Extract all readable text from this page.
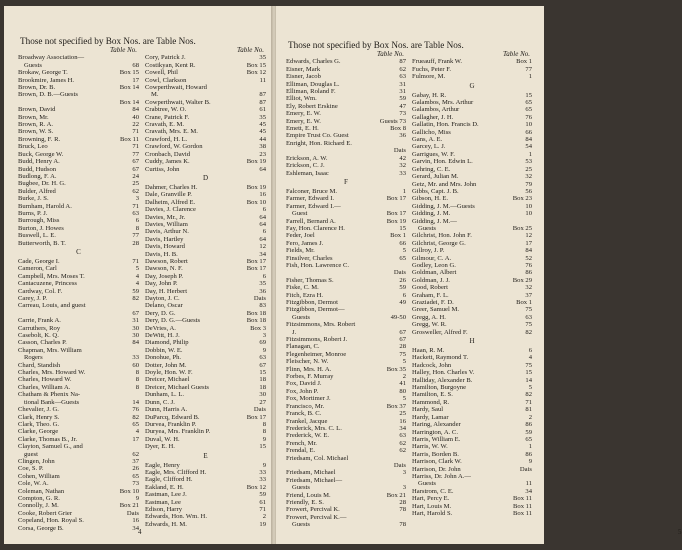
Those not specified by Box Nos. are Table Nos.
Table No.
Broadway Association—
Guests	68
Brokaw, George T.	Box 15
Brookmire, James H.	17
Brown, Dr. B.	Box 14
Brown, D. B.—Guests
Box 14
Brown, David	84
Brown, Mr.	40
Brown, R. A.	22
Brown, W. S.	71
Browning, F. R.	Box 11
Bruck, Leo	71
Buck, George W.	77
Budd, Henry A.	67
Budd, Hudson	67
Budlong, F. A.	24
Bugbee, Dr. H. G.	25
Bulder, Alfred	62
Burke, J. S.	3
Burnham, Harold A.	71
Burns, P. J.	63
Burrough, Miss	6
Burton, J. Howes	8
Buswell, L. E.	77
Butterworth, B. T.	28
C
Cade, George I.	71
Cameron, Carl	5
Campbell, Mrs. Moses T.	4
Cantacuzene, Princess	4
Cardway, Col. F.	59
Carey, J. P.	82
Carreau, Louis, and guest
67
Carrie, Frank A.	31
Carruthers, Roy	30
Casebolt, K. Q.	30
Casson, Charles P.	84
Chapman, Mrs. William
Rogers	33
Chard, Standish	60
Charles, Mrs. Howard W.	8
Charles, Howard W.	8
Charles, William A.	8
Chatham & Phenix Na-
tional Bank—Guests	14
Chevalier, J. G.	76
Clark, Henry S.	82
Clark, Theo. G.	65
Clarke, George	4
Clarke, Thomas B., Jr.	17
Clayton, Samuel G., and
guest	62
Clingen, John	37
Coe, S. P.	26
Cohen, William	65
Cole, W. A.	73
Coleman, Nathan	Box 10
Compton, G. R.	9
Connolly, J. M.	Box 21
Cooke, Robert Grier	Dais
Copeland, Hon. Royal S.	16
Corsa, George B.	34
Table No.
Cory, Patrick J.	35
Costikyan, Kent R.	Box 15
Cowell, Phil	Box 12
Cowl, Clarkson	11
Cowperthwait, Howard
M.	87
Cowperthwait, Walter B.	87
Crabtree, W. O.	61
Crane, Patrick F.	35
Cravath, E. M.	45
Cravath, Mrs. E. M.	45
Crawford, H. L.	44
Crawford, W. Gordon	38
Cronbach, David	23
Cuddy, James K.	Box 19
Curtiss, John	64
D
Dahmer, Charles H.	Box 19
Dale, Granville P.	16
Dalheim, Alfred E.	Box 10
Davies, J. Clarence	6
Davies, Mr., Jr.	64
Davies, William	64
Davis, Arthur N.	6
Davis, Hartley	64
Davis, Howard	12
Davis, H. B.	34
Dawson, Robert	Box 17
Dawson, N. F.	Box 17
Day, Joseph P.	6
Day, John P.	35
Day, H. Herbert	36
Dayton, J. C.	Dais
Delano, Oscar	83
Dery, D. G.	Box 18
Dery, D. G.—Guests	Box 18
DeVries, A.	Box 3
DeWitt, H. J.	3
Diamond, Philip	69
Dobbin, W. E.	9
Donohue, Ph.	63
Dotter, John M.	67
Doyle, Hon. W. F.	15
Dreicer, Michael	18
Dreicer, Michael Guests	18
Dunham, L. L.	30
Dunn, C. J.	27
Dunn, Harris A.	Dais
DuParcq, Edward B.	Box 17
Durvea, Franklin P.	8
Duryea, Mrs. Franklin P.	8
Duval, W. H.	9
Dyer, E. H.	15
E
Eagle, Henry	9
Eagle, Mrs. Clifford H.	33
Eagle, Clifford H.	33
Eakland, E. H.	Box 12
Eastman, Lee J.	59
Eastman, Lee	61
Edison, Harry	71
Edwards, Hon. Wm. H.	2
Edwards, H. M.	19
4
Those not specified by Box Nos. are Table Nos.
Table No.
Edwards, Charles G.	87
Eisner, Mark	62
Eisner, Jacob	63
Elliman, Douglas L.	31
Elliman, Roland F.	31
Elliot, Wm.	59
Ely, Robert Erskine	47
Emery, E. W.	73
Emery, E. W.	Guests 73
Emett, E. H.	Box 8
Empire Trust Co. Guest	36
Enright, Hon. Richard E.
Dais
Erickson, A. W.	42
Erickson, C. J.	32
Eshleman, Isaac	33
F
Falconer, Bruce M.	1
Farmer, Edward I.	Box 17
Farmer, Edward I.—
Guest	Box 17
Farrell, Bernard A.	Box 19
Fay, Hon. Clarence H.	15
Feder, Joel	Box 1
Fero, James J.	66
Fields, Mr.	5
Finsilver, Charles	65
Fish, Hon. Lawrence C.
Dais
Fisher, Thomas S.	26
Fiske, C. M.	59
Fitch, Ezra H.	6
Fitzgibbon, Dermot	49
Fitzgibbon, Dermot—
Guests	49-50
Fitzsimmons, Mrs. Robert
J.	67
Fitzsimmons, Robert J.	67
Flanagan, C.	28
Flegenheimer, Monroe	75
Fleischer, N. W.	5
Flinn, Mrs. H. A.	Box 35
Forbes, F. Murray	2
Fox, David J.	41
Fox, John P.	80
Fox, Mortimer J.	5
Francisco, Mr.	Box 37
Franck, B. C.	25
Frankel, Jacque	16
Frederick, Mrs. C. L.	34
Frederick, W. E.	63
French, Mr.	62
Frendal, E.	62
Friedsam, Col. Michael
Dais
Friedsam, Michael	3
Friedsam, Michael—
Guests	3
Friend, Louis M.	Box 21
Friendly, E. S.	28
Frowert, Percival K.	78
Frowert, Percival K.—
Guests	78
Table No.
Frueauff, Frank W.	Box 1
Fuchs, Peter F.	77
Fulmore, M.	1
G
Gabay, H. R.	15
Galambos, Mrs. Arthur	65
Galambos, Arthur	65
Gallagher, J. H.	76
Gallatin, Hon. Francis D.	10
Gallicho, Miss	66
Gans, A. E.	84
Garcey, L. J.	54
Garrigues, W. F.	1
Garvin, Hon. Edwin L.	53
Gehring, C. E.	25
Gerard, Julian M.	32
Getz, Mr. and Mrs. John	79
Gibbs, Capt. J. B.	56
Gibson, H. E.	Box 23
Gidding, J. M.—Guests	10
Gidding, J. M.	10
Gidding, J. M.—
Guests	Box 25
Gilchrist, Hon. John F.	12
Gilchrist, George G.	17
Gillroy, J. P.	84
Gilmour, C. A.	52
Godley, Leon G.	76
Goldman, Albert	86
Goldman, J. J.	Box 29
Good, Robert	32
Graham, F. L.	37
Graziadei, F. D.	Box 1
Greer, Samuel M.	75
Gregg, A. H.	63
Gregg, W. R.	75
Grosweller, Alfred F.	82
H
Haan, R. M.	6
Hackett, Raymond T.	4
Hadcock, John	75
Halley, Hon. Charles V.	15
Halliday, Alexander B.	14
Hamilton, Burgoyne	5
Hamilton, E. S.	82
Hammond, R.	71
Hardy, Saul	81
Hardy, Lamar	2
Haring, Alexander	86
Harrington, A. C.	59
Harris, William E.	65
Harris, W. W.	1
Harris, Borden B.	86
Harrison, Clark W.	9
Harrison, Dr. John	Dais
Harriss, Dr. John A.—
Guests	11
Harstrom, C. E.	34
Hart, Percy E.	Box 11
Hart, Louis M.	Box 11
Hart, Harold S.	Box 11
5
